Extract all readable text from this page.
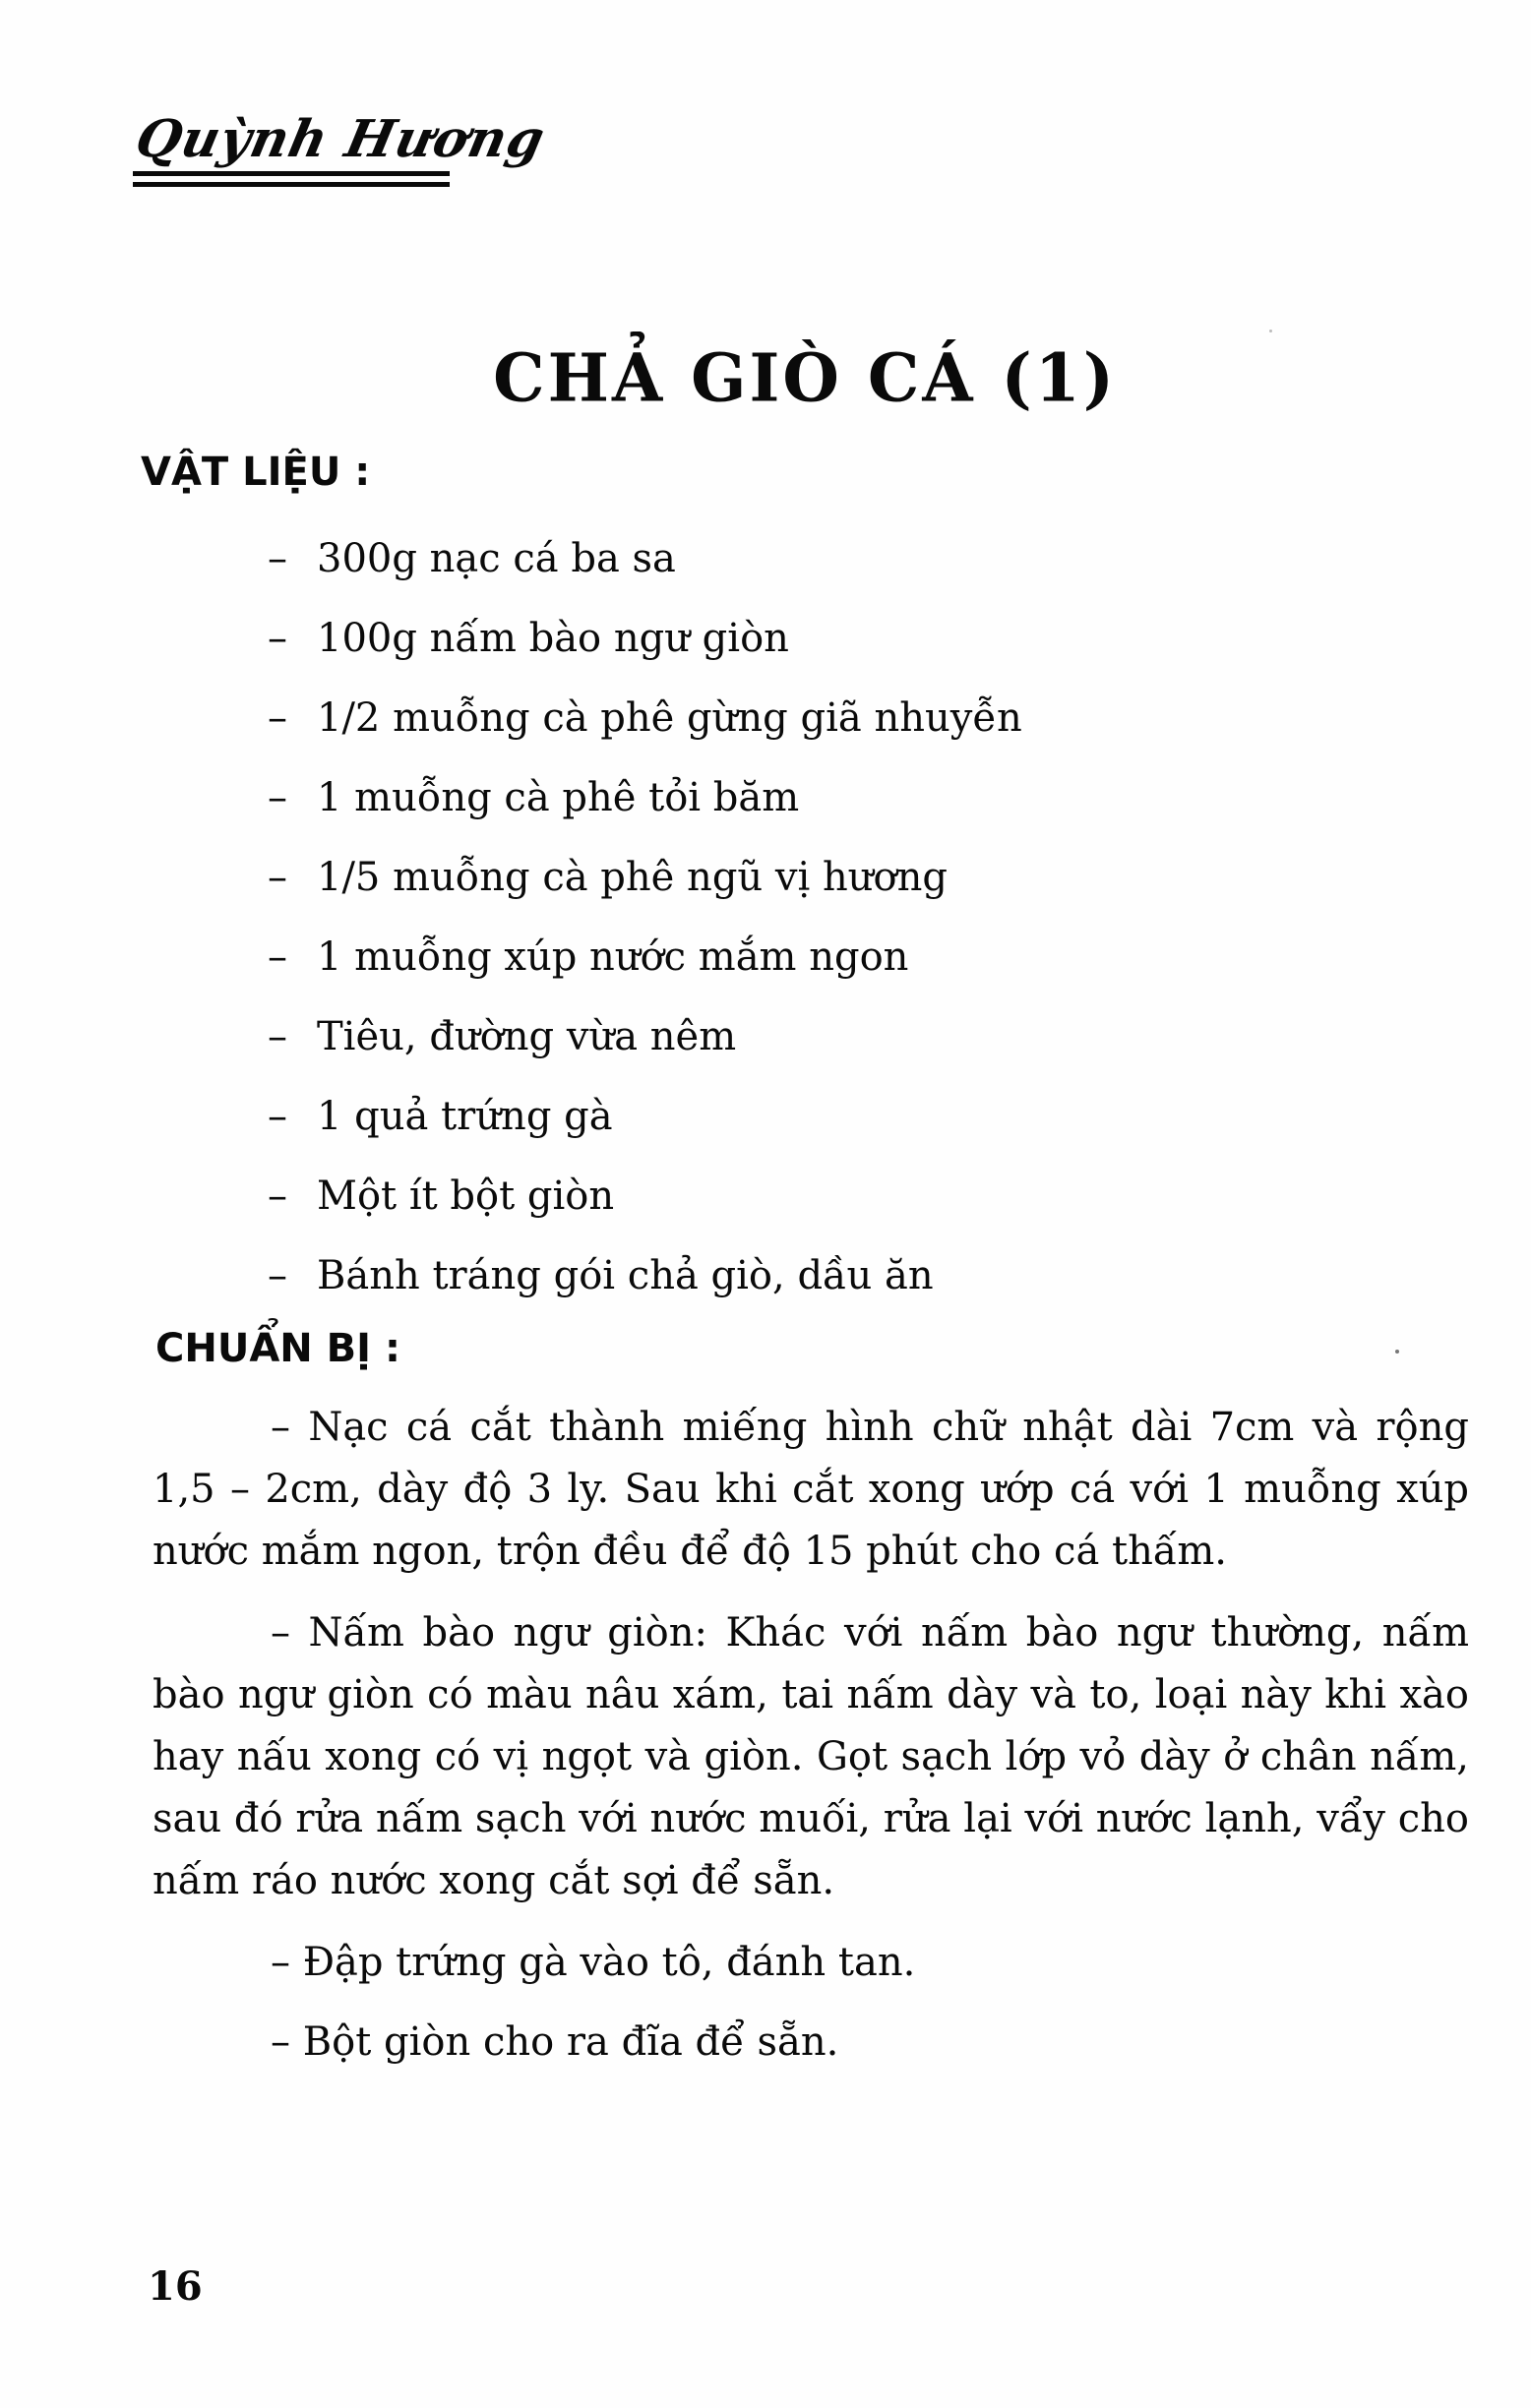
Quỳnh Hương
CHẢ GIÒ CÁ (1)
VẬT LIỆU :
– 300g nạc cá ba sa
– 100g nấm bào ngư giòn
– 1/2 muỗng cà phê gừng giã nhuyễn
– 1 muỗng cà phê tỏi băm
– 1/5 muỗng cà phê ngũ vị hương
– 1 muỗng xúp nước mắm ngon
– Tiêu, đường vừa nêm
– 1 quả trứng gà
– Một ít bột giòn
– Bánh tráng gói chả giò, dầu ăn
CHUẨN BỊ :

– Nạc cá cắt thành miếng hình chữ nhật dài 7cm và rộng 1,5 – 2cm, dày độ 3 ly. Sau khi cắt xong ướp cá với 1 muỗng xúp nước mắm ngon, trộn đều để độ 15 phút cho cá thấm.

– Nấm bào ngư giòn: Khác với nấm bào ngư thường, nấm bào ngư giòn có màu nâu xám, tai nấm dày và to, loại này khi xào hay nấu xong có vị ngọt và giòn. Gọt sạch lớp vỏ dày ở chân nấm, sau đó rửa nấm sạch với nước muối, rửa lại với nước lạnh, vẩy cho nấm ráo nước xong cắt sợi để sẵn.

– Đập trứng gà vào tô, đánh tan.

– Bột giòn cho ra đĩa để sẵn.

16
